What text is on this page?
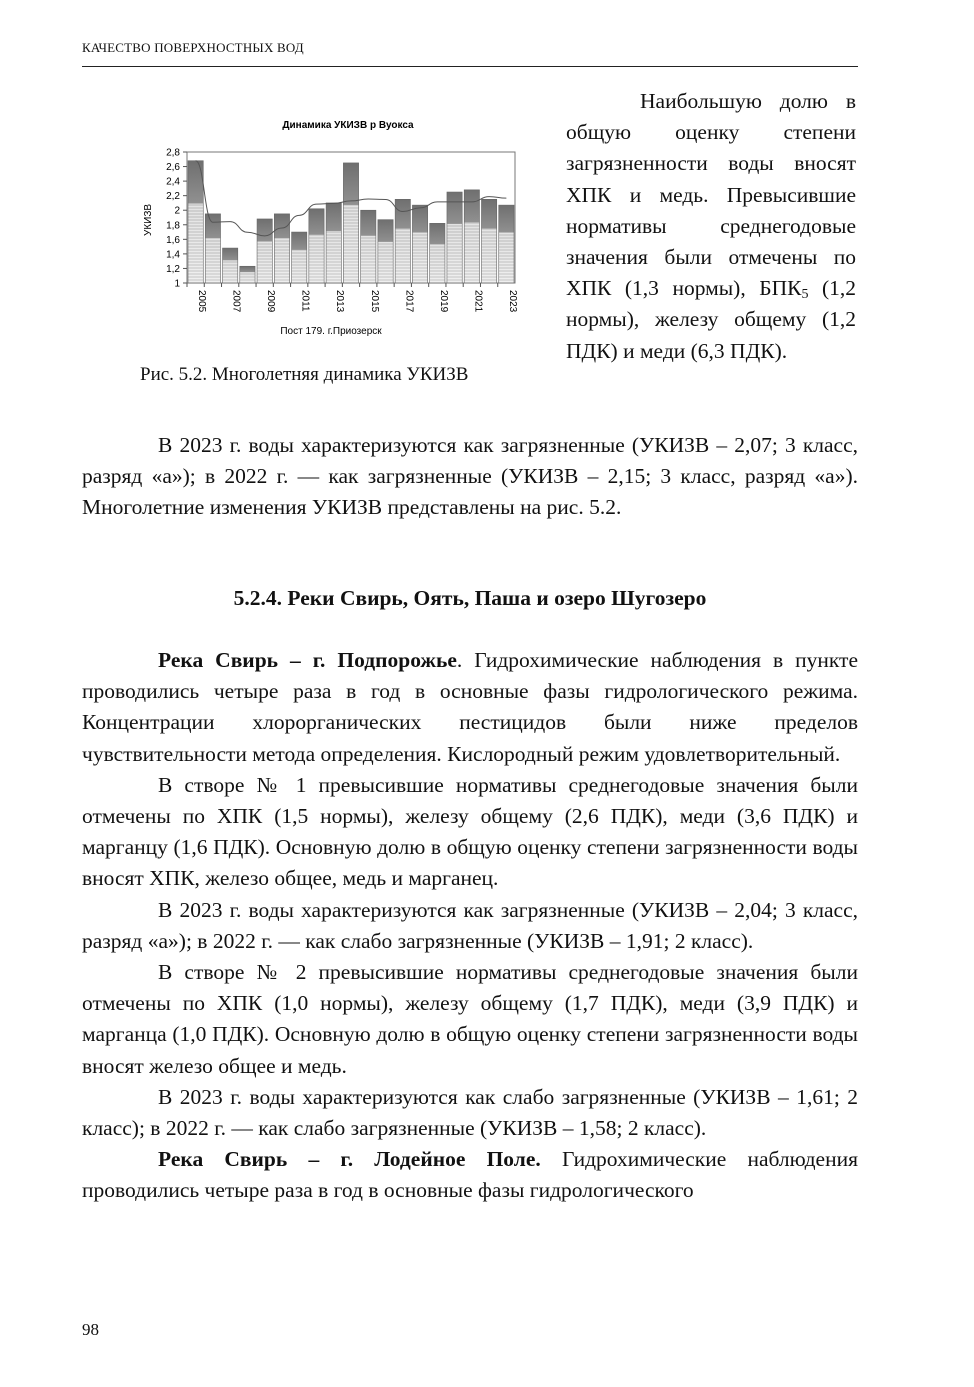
КАЧЕСТВО ПОВЕРХНОСТНЫХ ВОД
Динамика УКИЗВ р Вуокса
УКИЗВ
1
1,2
1,4
1,6
1,8
2
2,2
2,4
2,6
2,8
2005 2007 2009 2011 2013 2015 2017 2019 2021 2023
Пост 179. г.Приозерск
Рис. 5.2. Многолетняя динамика УКИЗВ

Наибольшую долю в общую оценку степени загрязненности воды вносят ХПК и медь. Превысившие нормативы среднегодовые значения были отмечены по ХПК (1,3 нормы), $БПК_5$ (1,2 нормы), железу общему (1,2 ПДК) и меди (6,3 ПДК).

В 2023 г. воды характеризуются как загрязненные (УКИЗВ – 2,07; 3 класс, разряд «а»); в 2022 г. — как загрязненные (УКИЗВ – 2,15; 3 класс, разряд «а»). Многолетние изменения УКИЗВ представлены на рис. 5.2.

5.2.4. Реки Свирь, Оять, Паша и озеро Шугозеро

Река Свирь – г. Подпорожье. Гидрохимические наблюдения в пункте проводились четыре раза в год в основные фазы гидрологического режима. Концентрации хлорорганических пестицидов были ниже пределов чувствительности метода определения. Кислородный режим удовлетворительный.

В створе № 1 превысившие нормативы среднегодовые значения были отмечены по ХПК (1,5 нормы), железу общему (2,6 ПДК), меди (3,6 ПДК) и марганцу (1,6 ПДК). Основную долю в общую оценку степени загрязненности воды вносят ХПК, железо общее, медь и марганец.

В 2023 г. воды характеризуются как загрязненные (УКИЗВ – 2,04; 3 класс, разряд «а»); в 2022 г. — как слабо загрязненные (УКИЗВ – 1,91; 2 класс).

В створе № 2 превысившие нормативы среднегодовые значения были отмечены по ХПК (1,0 нормы), железу общему (1,7 ПДК), меди (3,9 ПДК) и марганца (1,0 ПДК). Основную долю в общую оценку степени загрязненности воды вносят железо общее и медь.

В 2023 г. воды характеризуются как слабо загрязненные (УКИЗВ – 1,61; 2 класс); в 2022 г. — как слабо загрязненные (УКИЗВ – 1,58; 2 класс).

Река Свирь – г. Лодейное Поле. Гидрохимические наблюдения проводились четыре раза в год в основные фазы гидрологического

98
